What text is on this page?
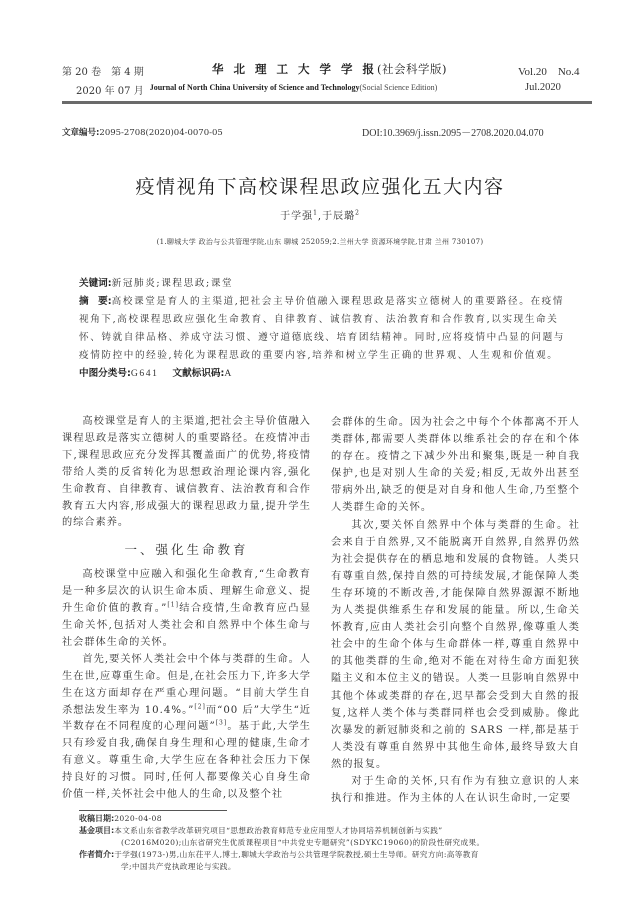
第 20 卷　第 4 期	华 北 理 工 大 学 学 报(社会科学版)	Vol.20　No.4
2020 年 07 月 Journal of North China University of Science and Technology(Social Science Edition)	Jul.2020
文章编号:2095-2708(2020)04-0070-05	DOI:10.3969/j.issn.2095－2708.2020.04.070
疫情视角下高校课程思政应强化五大内容
于学强$^1$,于辰璐$^2$
(1.聊城大学 政治与公共管理学院,山东 聊城 252059;2.兰州大学 资源环境学院,甘肃 兰州 730107)
关键词:新冠肺炎;课程思政;课堂
摘　要:高校课堂是育人的主渠道,把社会主导价值融入课程思政是落实立德树人的重要路径。在疫情视角下,高校课程思政应强化生命教育、自律教育、诚信教育、法治教育和合作教育,以实现生命关怀、铸就自律品格、养成守法习惯、遵守道德底线、培育团结精神。同时,应将疫情中凸显的问题与疫情防控中的经验,转化为课程思政的重要内容,培养和树立学生正确的世界观、人生观和价值观。
中图分类号:G641 文献标识码:A

高校课堂是育人的主渠道,把社会主导价值融入课程思政是落实立德树人的重要路径。在疫情冲击下,课程思政应充分发挥其覆盖面广的优势,将疫情带给人类的反省转化为思想政治理论课内容,强化生命教育、自律教育、诚信教育、法治教育和合作教育五大内容,形成强大的课程思政力量,提升学生的综合素养。

一、强化生命教育

高校课堂中应融入和强化生命教育,“生命教育是一种多层次的认识生命本质、理解生命意义、提升生命价值的教育。”[1]结合疫情,生命教育应凸显生命关怀,包括对人类社会和自然界中个体生命与社会群体生命的关怀。

首先,要关怀人类社会中个体与类群的生命。人生在世,应尊重生命。但是,在社会压力下,许多大学生在这方面却存在严重心理问题。“目前大学生自杀想法发生率为 10.4%。”[2]而“00 后”大学生“近半数存在不同程度的心理问题”[3]。基于此,大学生只有珍爱自我,确保自身生理和心理的健康,生命才有意义。尊重生命,大学生应在各种社会压力下保持良好的习惯。同时,任何人都要像关心自身生命价值一样,关怀社会中他人的生命,以及整个社

会群体的生命。因为社会之中每个个体都离不开人类群体,都需要人类群体以维系社会的存在和个体的存在。疫情之下减少外出和聚集,既是一种自我保护,也是对别人生命的关爱;相反,无故外出甚至带病外出,缺乏的便是对自身和他人生命,乃至整个人类群生命的关怀。

其次,要关怀自然界中个体与类群的生命。社会来自于自然界,又不能脱离开自然界,自然界仍然为社会提供存在的栖息地和发展的食物链。人类只有尊重自然,保持自然的可持续发展,才能保障人类生存环境的不断改善,才能保障自然界源源不断地为人类提供维系生存和发展的能量。所以,生命关怀教育,应由人类社会引向整个自然界,像尊重人类社会中的生命个体与生命群体一样,尊重自然界中的其他类群的生命,绝对不能在对待生命方面犯狭隘主义和本位主义的错误。人类一旦影响自然界中其他个体或类群的存在,迟早都会受到大自然的报复,这样人类个体与类群同样也会受到威胁。像此次暴发的新冠肺炎和之前的 SARS 一样,都是基于人类没有尊重自然界中其他生命体,最终导致大自然的报复。

对于生命的关怀,只有作为有独立意识的人来执行和推进。作为主体的人在认识生命时,一定要

收稿日期:2020-04-08
基金项目:本文系山东省教学改革研究项目“思想政治教育师范专业应用型人才协同培养机制创新与实践”
(C2016M020);山东省研究生优质课程项目“中共党史专题研究”(SDYKC19060)的阶段性研究成果。
作者简介:于学强(1973-)男,山东茌平人,博士,聊城大学政治与公共管理学院教授,硕士生导师。研究方向:高等教育
学;中国共产党执政理论与实践。
